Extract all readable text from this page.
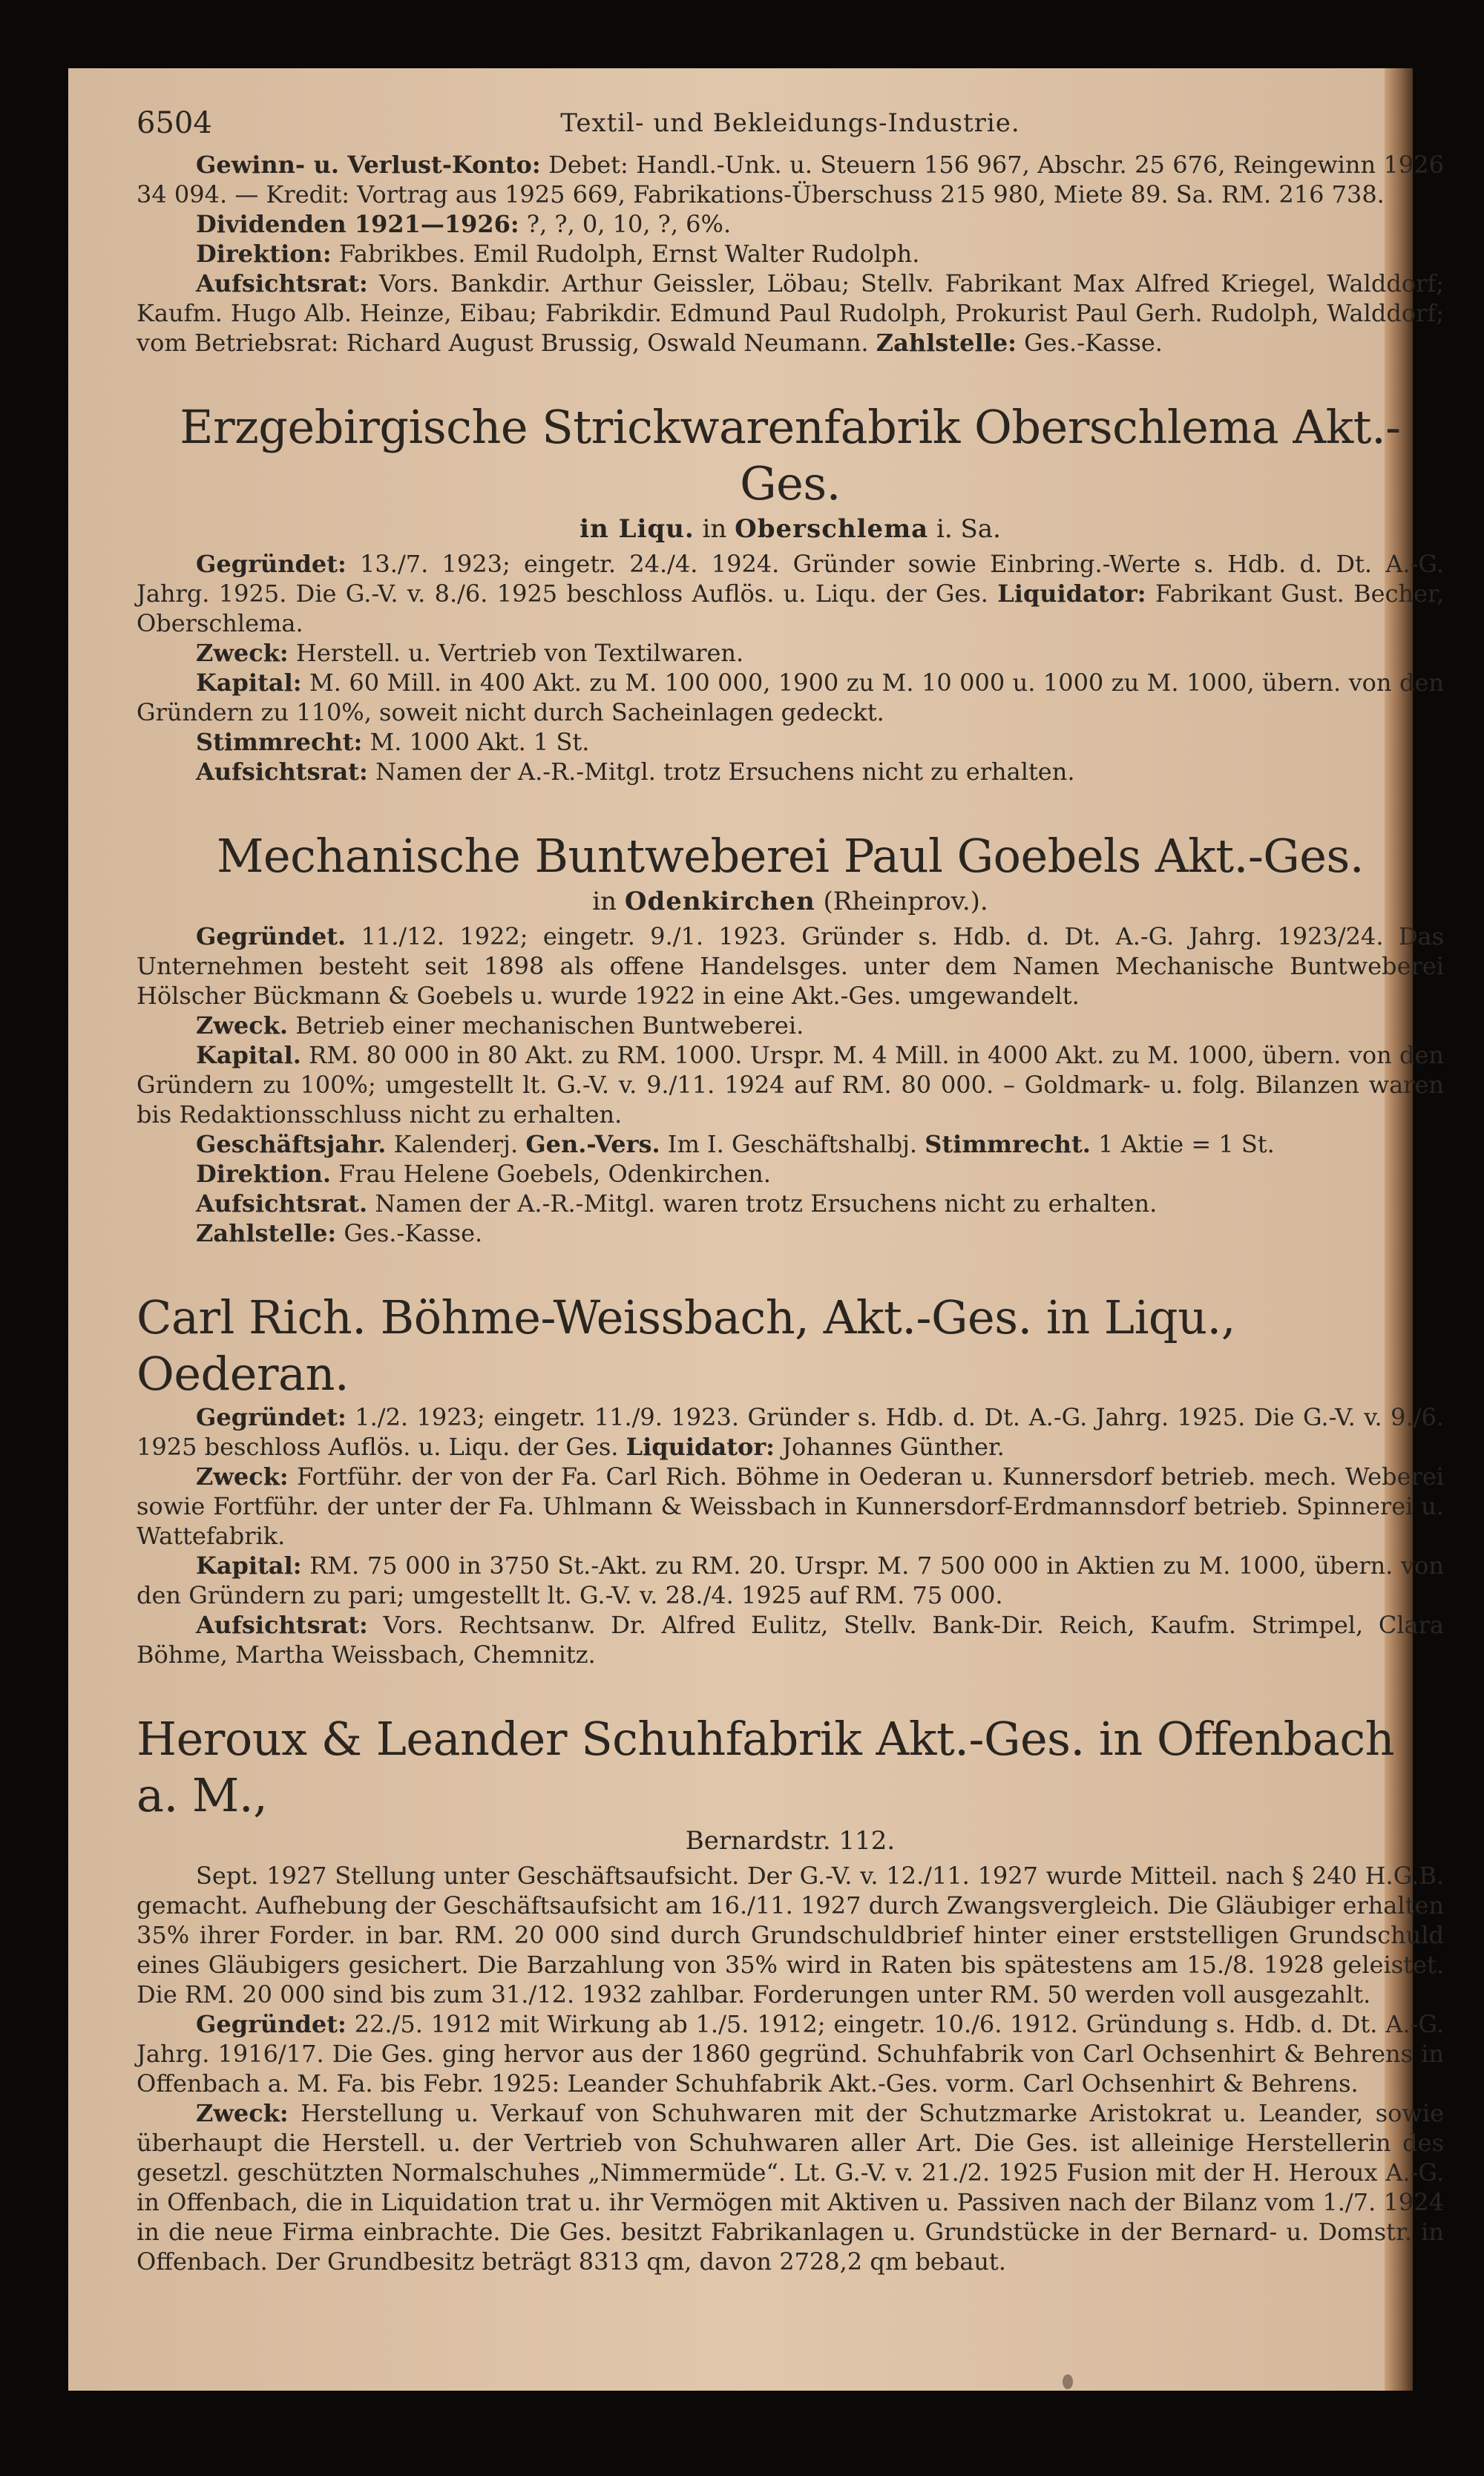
6504	Textil- und Bekleidungs-Industrie.

Gewinn- u. Verlust-Konto: Debet: Handl.-Unk. u. Steuern 156 967, Abschr. 25 676, Reingewinn 1926 34 094. — Kredit: Vortrag aus 1925 669, Fabrikations-Überschuss 215 980, Miete 89. Sa. RM. 216 738.

Dividenden 1921—1926: ?, ?, 0, 10, ?, 6%.

Direktion: Fabrikbes. Emil Rudolph, Ernst Walter Rudolph.

Aufsichtsrat: Vors. Bankdir. Arthur Geissler, Löbau; Stellv. Fabrikant Max Alfred Kriegel, Walddorf; Kaufm. Hugo Alb. Heinze, Eibau; Fabrikdir. Edmund Paul Rudolph, Prokurist Paul Gerh. Rudolph, Walddorf; vom Betriebsrat: Richard August Brussig, Oswald Neumann. Zahlstelle: Ges.-Kasse.

Erzgebirgische Strickwarenfabrik Oberschlema Akt.-Ges.
in Liqu. in Oberschlema i. Sa.

Gegründet: 13./7. 1923; eingetr. 24./4. 1924. Gründer sowie Einbring.-Werte s. Hdb. d. Dt. A.-G. Jahrg. 1925. Die G.-V. v. 8./6. 1925 beschloss Auflös. u. Liqu. der Ges. Liquidator: Fabrikant Gust. Becher, Oberschlema.

Zweck: Herstell. u. Vertrieb von Textilwaren.

Kapital: M. 60 Mill. in 400 Akt. zu M. 100 000, 1900 zu M. 10 000 u. 1000 zu M. 1000, übern. von den Gründern zu 110%, soweit nicht durch Sacheinlagen gedeckt.

Stimmrecht: M. 1000 Akt. 1 St.

Aufsichtsrat: Namen der A.-R.-Mitgl. trotz Ersuchens nicht zu erhalten.

Mechanische Buntweberei Paul Goebels Akt.-Ges.
in Odenkirchen (Rheinprov.).

Gegründet. 11./12. 1922; eingetr. 9./1. 1923. Gründer s. Hdb. d. Dt. A.-G. Jahrg. 1923/24. Das Unternehmen besteht seit 1898 als offene Handelsges. unter dem Namen Mechanische Buntweberei Hölscher Bückmann & Goebels u. wurde 1922 in eine Akt.-Ges. umgewandelt.

Zweck. Betrieb einer mechanischen Buntweberei.

Kapital. RM. 80 000 in 80 Akt. zu RM. 1000. Urspr. M. 4 Mill. in 4000 Akt. zu M. 1000, übern. von den Gründern zu 100%; umgestellt lt. G.-V. v. 9./11. 1924 auf RM. 80 000. – Goldmark- u. folg. Bilanzen waren bis Redaktionsschluss nicht zu erhalten.

Geschäftsjahr. Kalenderj. Gen.-Vers. Im I. Geschäftshalbj. Stimmrecht. 1 Aktie = 1 St.

Direktion. Frau Helene Goebels, Odenkirchen.

Aufsichtsrat. Namen der A.-R.-Mitgl. waren trotz Ersuchens nicht zu erhalten.

Zahlstelle: Ges.-Kasse.

Carl Rich. Böhme-Weissbach, Akt.-Ges. in Liqu., Oederan.

Gegründet: 1./2. 1923; eingetr. 11./9. 1923. Gründer s. Hdb. d. Dt. A.-G. Jahrg. 1925. Die G.-V. v. 9./6. 1925 beschloss Auflös. u. Liqu. der Ges. Liquidator: Johannes Günther.

Zweck: Fortführ. der von der Fa. Carl Rich. Böhme in Oederan u. Kunnersdorf betrieb. mech. Weberei sowie Fortführ. der unter der Fa. Uhlmann & Weissbach in Kunnersdorf-Erdmannsdorf betrieb. Spinnerei u. Wattefabrik.

Kapital: RM. 75 000 in 3750 St.-Akt. zu RM. 20. Urspr. M. 7 500 000 in Aktien zu M. 1000, übern. von den Gründern zu pari; umgestellt lt. G.-V. v. 28./4. 1925 auf RM. 75 000.

Aufsichtsrat: Vors. Rechtsanw. Dr. Alfred Eulitz, Stellv. Bank-Dir. Reich, Kaufm. Strimpel, Clara Böhme, Martha Weissbach, Chemnitz.

Heroux & Leander Schuhfabrik Akt.-Ges. in Offenbach a. M.,
Bernardstr. 112.

Sept. 1927 Stellung unter Geschäftsaufsicht. Der G.-V. v. 12./11. 1927 wurde Mitteil. nach § 240 H.G.B. gemacht. Aufhebung der Geschäftsaufsicht am 16./11. 1927 durch Zwangsvergleich. Die Gläubiger erhalten 35% ihrer Forder. in bar. RM. 20 000 sind durch Grundschuldbrief hinter einer erststelligen Grundschuld eines Gläubigers gesichert. Die Barzahlung von 35% wird in Raten bis spätestens am 15./8. 1928 geleistet. Die RM. 20 000 sind bis zum 31./12. 1932 zahlbar. Forderungen unter RM. 50 werden voll ausgezahlt.

Gegründet: 22./5. 1912 mit Wirkung ab 1./5. 1912; eingetr. 10./6. 1912. Gründung s. Hdb. d. Dt. A.-G. Jahrg. 1916/17. Die Ges. ging hervor aus der 1860 gegründ. Schuhfabrik von Carl Ochsenhirt & Behrens in Offenbach a. M. Fa. bis Febr. 1925: Leander Schuhfabrik Akt.-Ges. vorm. Carl Ochsenhirt & Behrens.

Zweck: Herstellung u. Verkauf von Schuhwaren mit der Schutzmarke Aristokrat u. Leander, sowie überhaupt die Herstell. u. der Vertrieb von Schuhwaren aller Art. Die Ges. ist alleinige Herstellerin des gesetzl. geschützten Normalschuhes „Nimmermüde“. Lt. G.-V. v. 21./2. 1925 Fusion mit der H. Heroux A.-G. in Offenbach, die in Liquidation trat u. ihr Vermögen mit Aktiven u. Passiven nach der Bilanz vom 1./7. 1924 in die neue Firma einbrachte. Die Ges. besitzt Fabrikanlagen u. Grundstücke in der Bernard- u. Domstr. in Offenbach. Der Grundbesitz beträgt 8313 qm, davon 2728,2 qm bebaut.
